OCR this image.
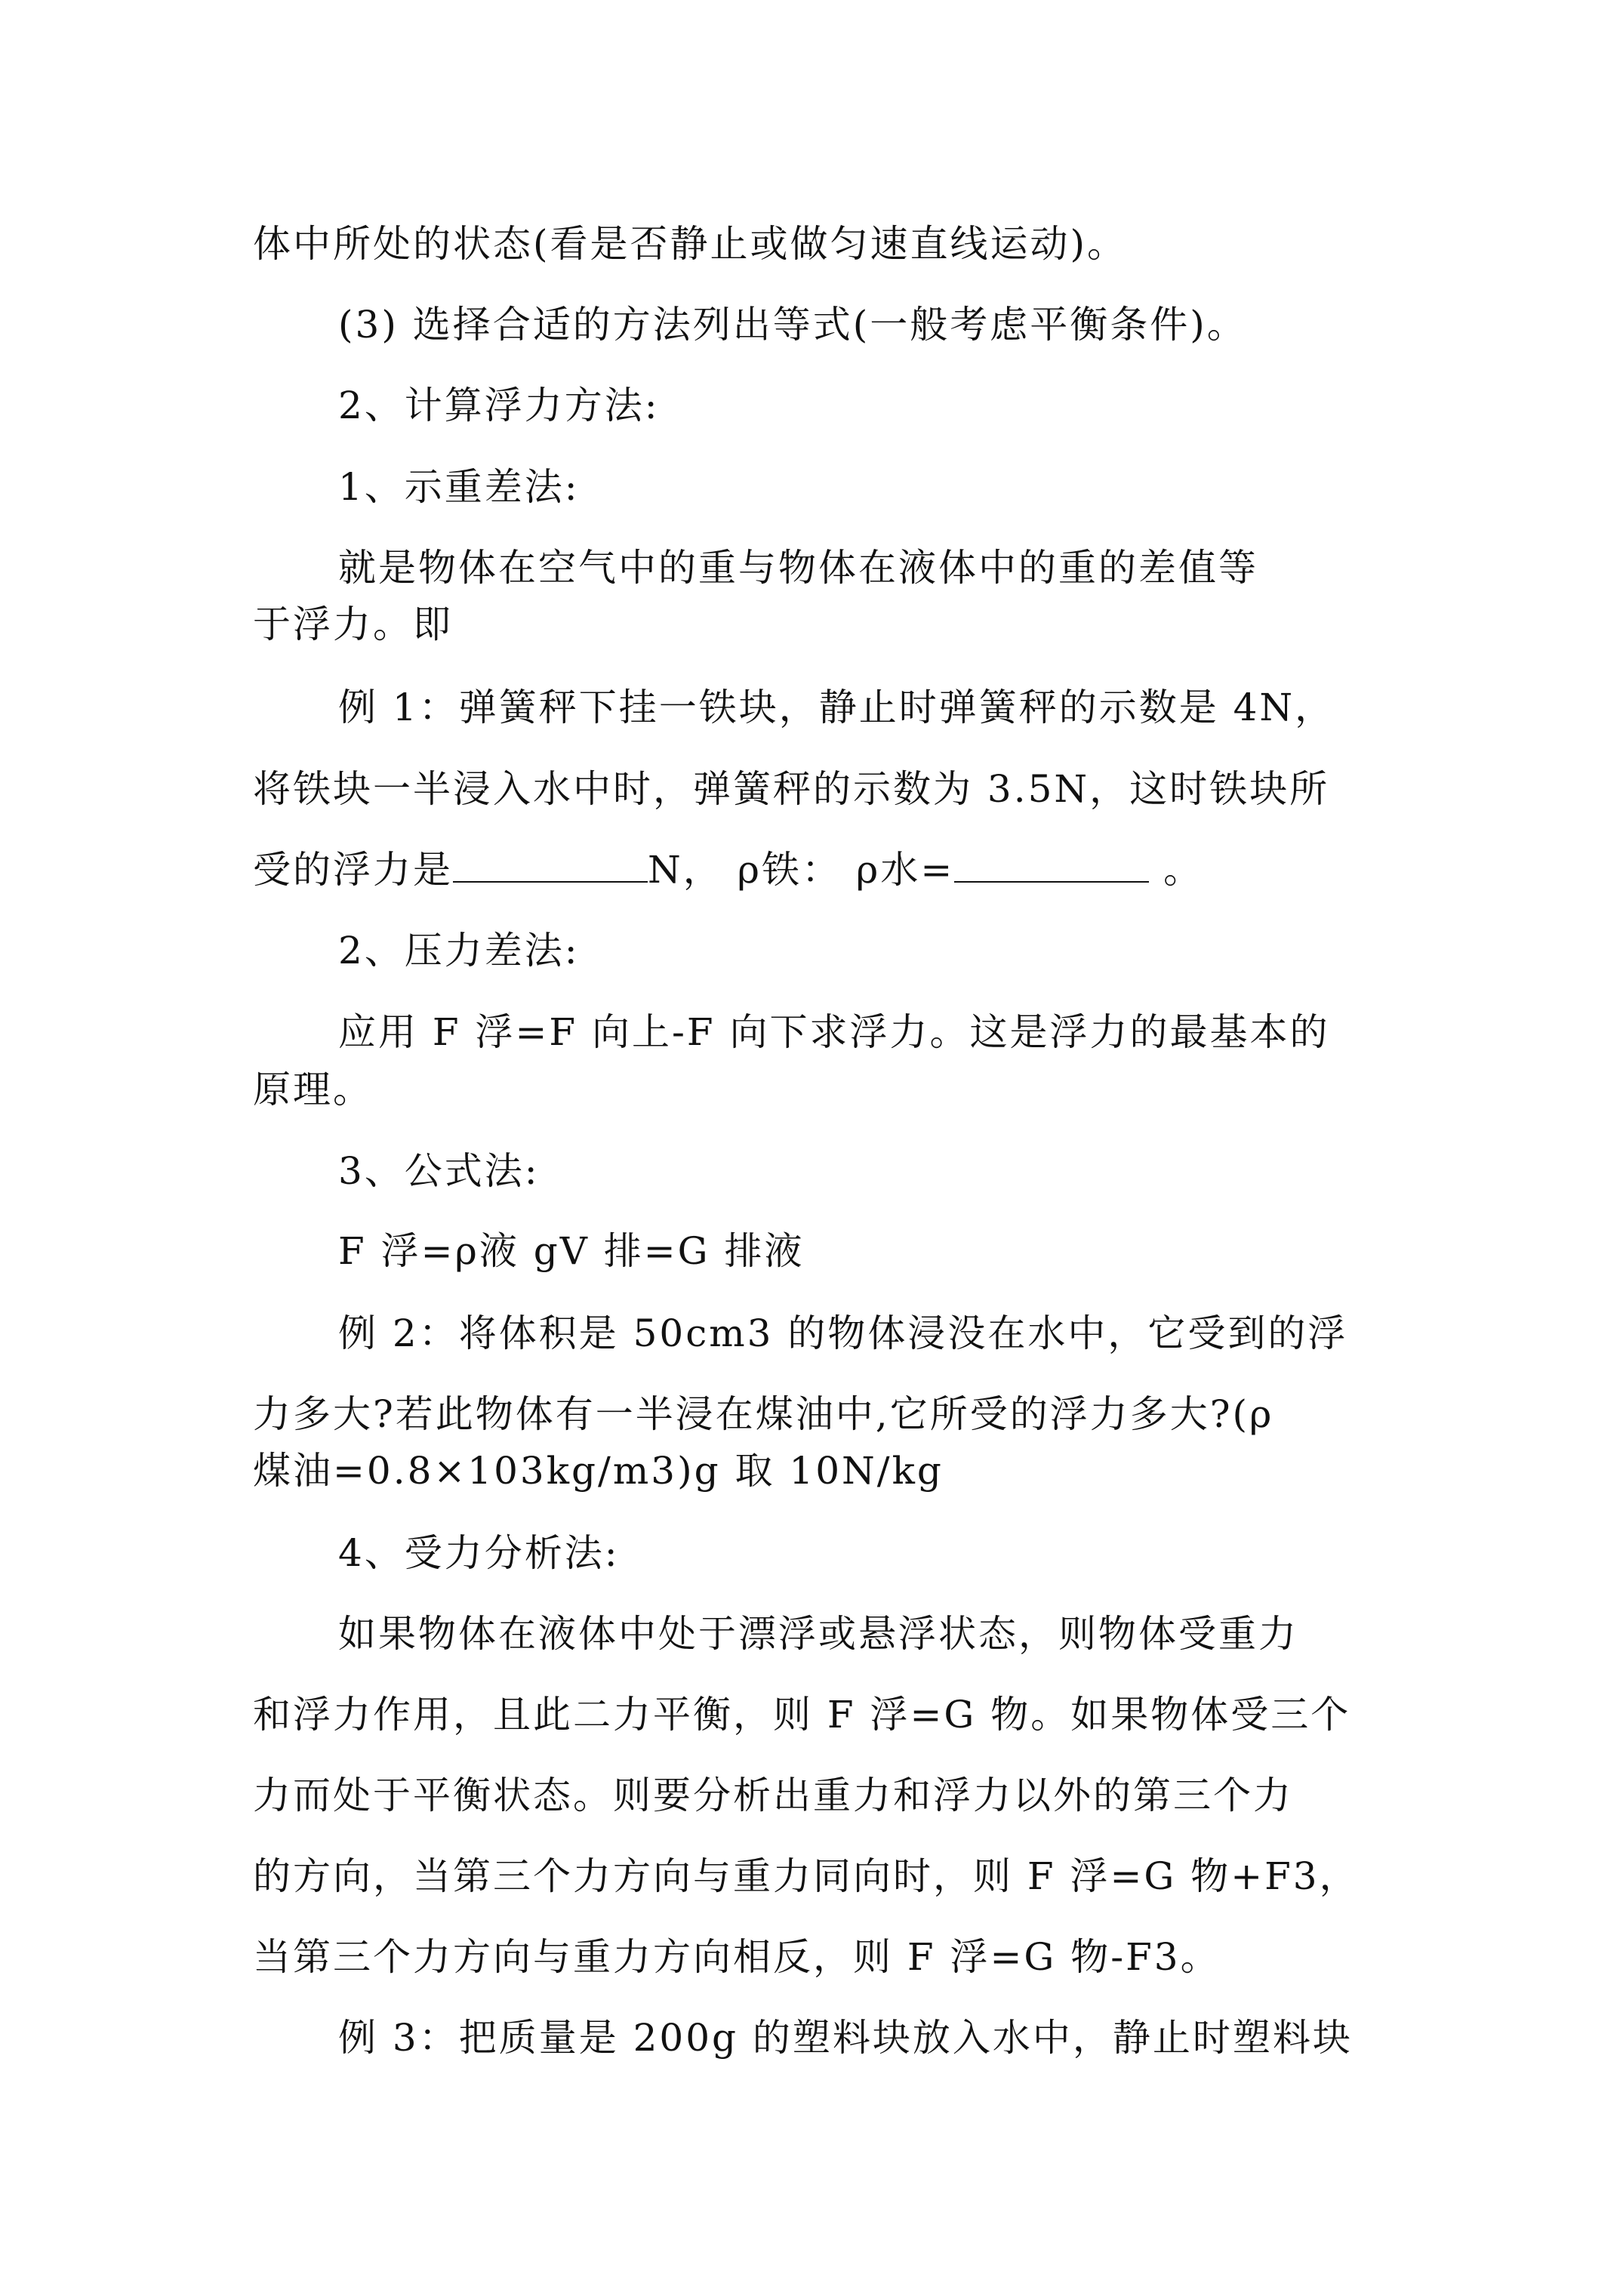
体中所处的状态(看是否静止或做匀速直线运动)。
(3) 选择合适的方法列出等式(一般考虑平衡条件)。
2、计算浮力方法:
1、示重差法:
就是物体在空气中的重与物体在液体中的重的差值等
于浮力。即
例 1：弹簧秤下挂一铁块，静止时弹簧秤的示数是 4N，
将铁块一半浸入水中时，弹簧秤的示数为 3.5N，这时铁块所
受的浮力是	N， ρ铁： ρ水=	。
2、压力差法:
应用 F 浮=F 向上-F 向下求浮力。这是浮力的最基本的
原理。
3、公式法:
F 浮=ρ液 gV 排=G 排液
例 2：将体积是 50cm3 的物体浸没在水中，它受到的浮
力多大?若此物体有一半浸在煤油中,它所受的浮力多大?(ρ
煤油=0.8×103kg/m3)g 取 10N/kg
4、受力分析法:
如果物体在液体中处于漂浮或悬浮状态，则物体受重力
和浮力作用，且此二力平衡，则 F 浮=G 物。如果物体受三个
力而处于平衡状态。则要分析出重力和浮力以外的第三个力
的方向，当第三个力方向与重力同向时，则 F 浮=G 物+F3，
当第三个力方向与重力方向相反，则 F 浮=G 物-F3。
例 3：把质量是 200g 的塑料块放入水中，静止时塑料块
